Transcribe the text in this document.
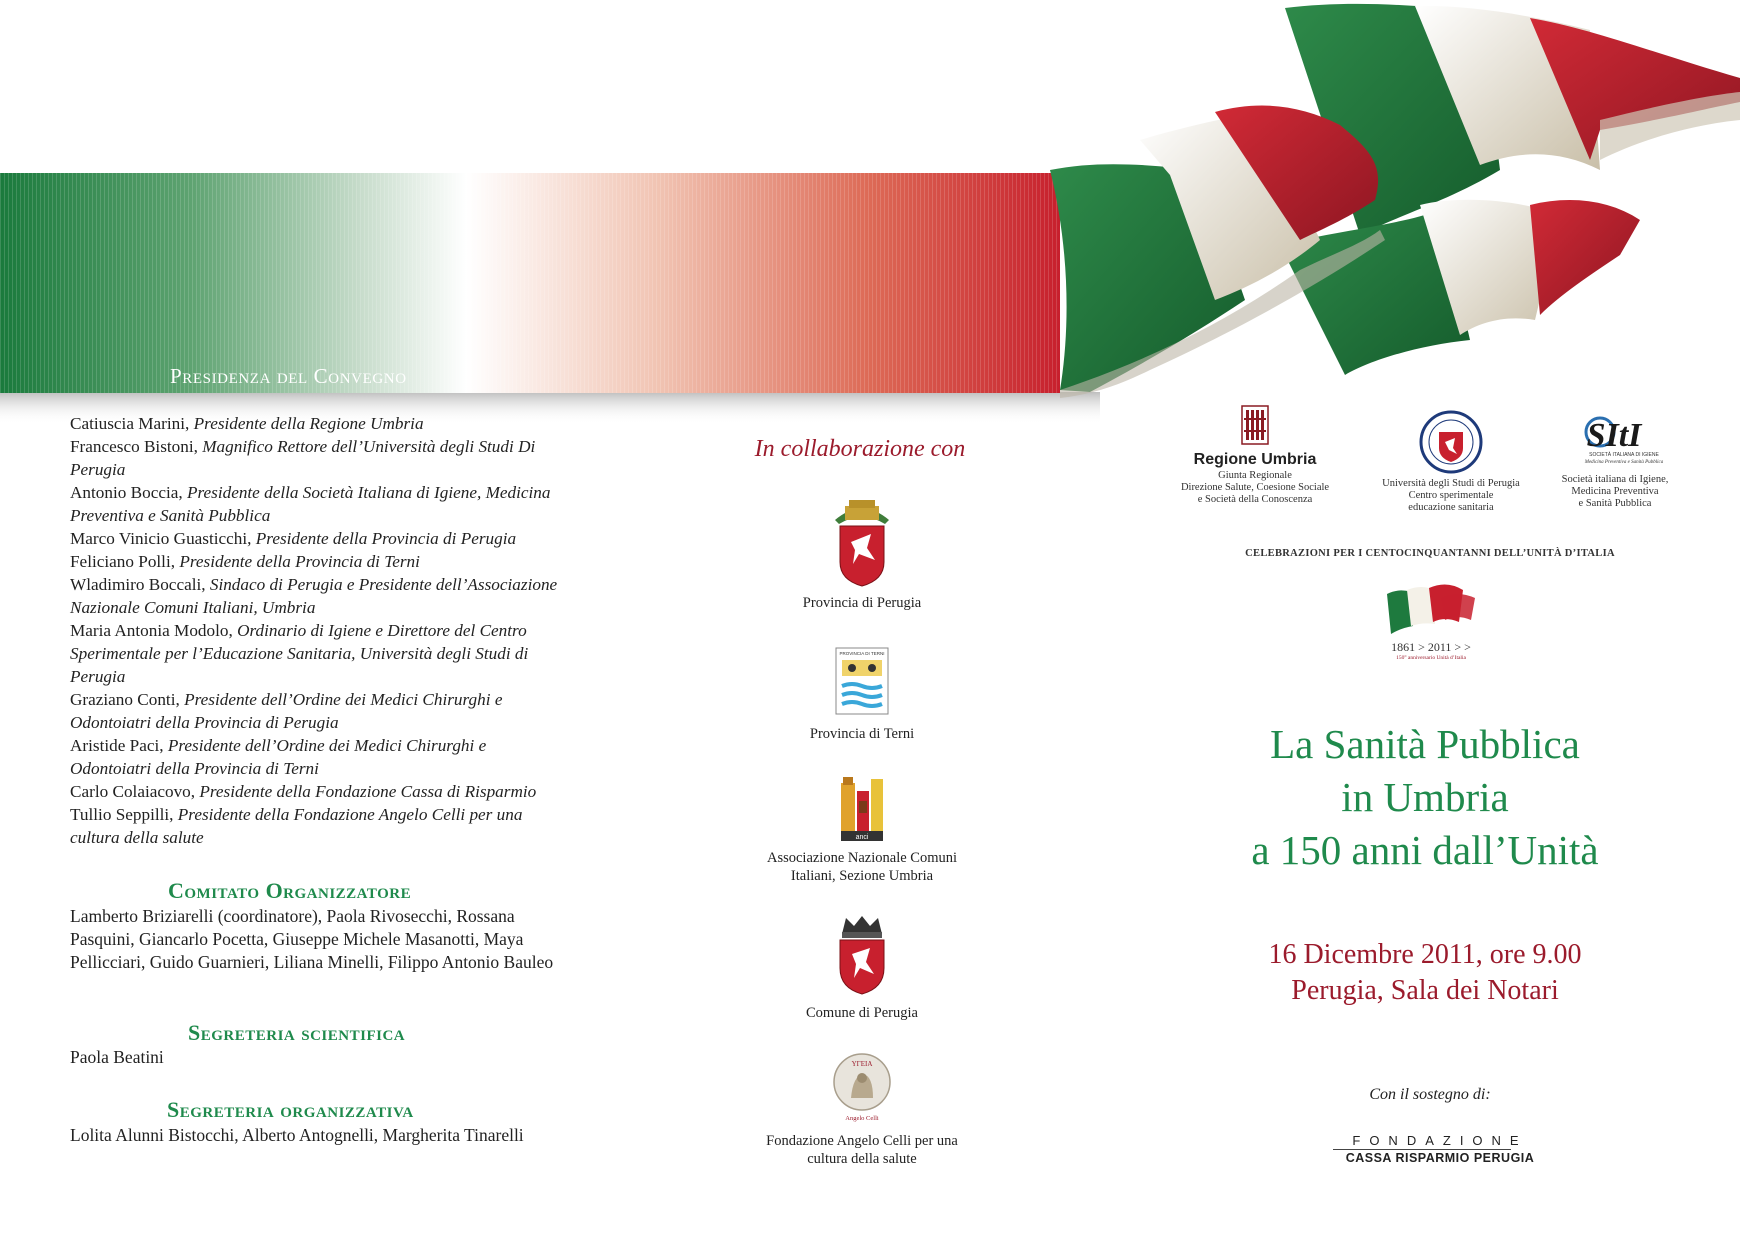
Presidenza del Convegno
Catiuscia Marini, Presidente della Regione Umbria
Francesco Bistoni, Magnifico Rettore dell’Università degli Studi Di Perugia
Antonio Boccia, Presidente della Società Italiana di Igiene, Medicina Preventiva e Sanità Pubblica
Marco Vinicio Guasticchi, Presidente della Provincia di Perugia
Feliciano Polli, Presidente della Provincia di Terni
Wladimiro Boccali, Sindaco di Perugia e Presidente dell’Associazione Nazionale Comuni Italiani, Umbria
Maria Antonia Modolo, Ordinario di Igiene e Direttore del Centro Sperimentale per l’Educazione Sanitaria, Università degli Studi di Perugia
Graziano Conti, Presidente dell’Ordine dei Medici Chirurghi e Odontoiatri della Provincia di Perugia
Aristide Paci, Presidente dell’Ordine dei Medici Chirurghi e Odontoiatri della Provincia di Terni
Carlo Colaiacovo, Presidente della Fondazione Cassa di Risparmio
Tullio Seppilli, Presidente della Fondazione Angelo Celli per una cultura della salute
Comitato Organizzatore
Lamberto Briziarelli (coordinatore), Paola Rivosecchi, Rossana Pasquini, Giancarlo Pocetta, Giuseppe Michele Masanotti, Maya Pellicciari, Guido Guarnieri, Liliana Minelli, Filippo Antonio Bauleo
Segreteria scientifica
Paola Beatini
Segreteria organizzativa
Lolita Alunni Bistocchi, Alberto Antognelli, Margherita Tinarelli
In collaborazione con
Provincia di Perugia
PROVINCIA DI TERNI
Provincia di Terni
anci
Associazione Nazionale Comuni Italiani, Sezione Umbria
Comune di Perugia
YΓEIA
Angelo Celli
Fondazione Angelo Celli per una cultura della salute
Regione Umbria
Giunta Regionale
Direzione Salute, Coesione Sociale
e Società della Conoscenza
Università degli Studi di Perugia
Centro sperimentale
educazione sanitaria
SItI
SOCIETÀ ITALIANA DI IGIENE
Medicina Preventiva e Sanità Pubblica
Società italiana di Igiene,
Medicina Preventiva
e Sanità Pubblica
CELEBRAZIONI PER I CENTOCINQUANTANNI DELL’UNITÀ D’ITALIA
1861 > 2011 > >
150° anniversario Unità d’Italia
La Sanità Pubblica
in Umbria
a 150 anni dall’Unità
16 Dicembre 2011, ore 9.00
Perugia, Sala dei Notari
Con il sostegno di:
FONDAZIONE
CASSA RISPARMIO PERUGIA
